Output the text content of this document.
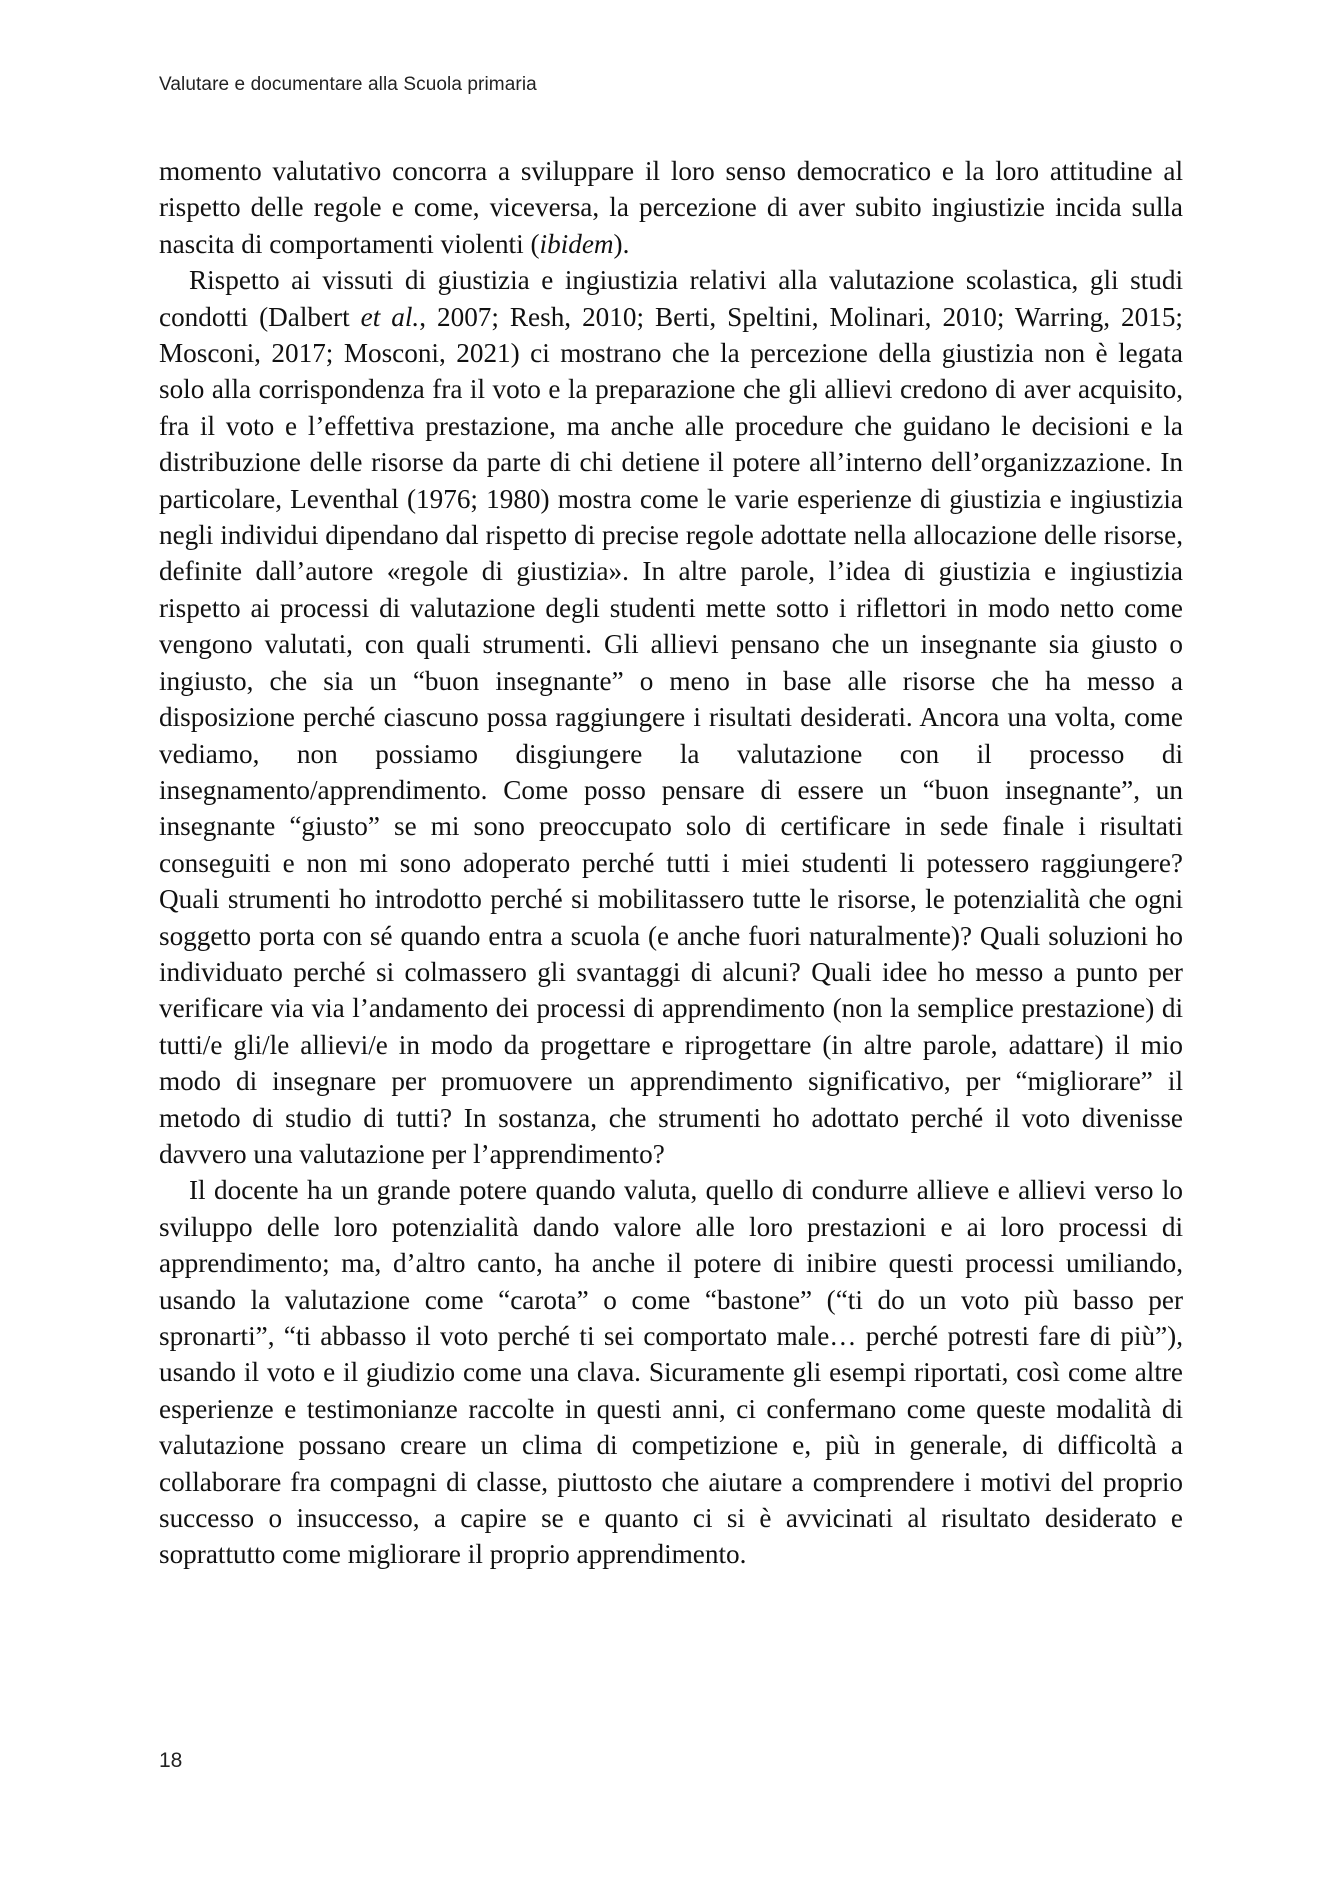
Valutare e documentare alla Scuola primaria

momento valutativo concorra a sviluppare il loro senso democratico e la loro attitudine al rispetto delle regole e come, viceversa, la percezione di aver subito ingiustizie incida sulla nascita di comportamenti violenti (ibidem).

Rispetto ai vissuti di giustizia e ingiustizia relativi alla valutazione scolastica, gli studi condotti (Dalbert et al., 2007; Resh, 2010; Berti, Speltini, Molinari, 2010; Warring, 2015; Mosconi, 2017; Mosconi, 2021) ci mostrano che la percezione della giustizia non è legata solo alla corrispondenza fra il voto e la preparazione che gli allievi credono di aver acquisito, fra il voto e l’effettiva prestazione, ma anche alle procedure che guidano le decisioni e la distribuzione delle risorse da parte di chi detiene il potere all’interno dell’organizzazione. In particolare, Leventhal (1976; 1980) mostra come le varie esperienze di giustizia e ingiustizia negli individui dipendano dal rispetto di precise regole adottate nella allocazione delle risorse, definite dall’autore «regole di giustizia». In altre parole, l’idea di giustizia e ingiustizia rispetto ai processi di valutazione degli studenti mette sotto i riflettori in modo netto come vengono valutati, con quali strumenti. Gli allievi pensano che un insegnante sia giusto o ingiusto, che sia un “buon insegnante” o meno in base alle risorse che ha messo a disposizione perché ciascuno possa raggiungere i risultati desiderati. Ancora una volta, come vediamo, non possiamo disgiungere la valutazione con il processo di insegnamento/apprendimento. Come posso pensare di essere un “buon insegnante”, un insegnante “giusto” se mi sono preoccupato solo di certificare in sede finale i risultati conseguiti e non mi sono adoperato perché tutti i miei studenti li potessero raggiungere? Quali strumenti ho introdotto perché si mobilitassero tutte le risorse, le potenzialità che ogni soggetto porta con sé quando entra a scuola (e anche fuori naturalmente)? Quali soluzioni ho individuato perché si colmassero gli svantaggi di alcuni? Quali idee ho messo a punto per verificare via via l’andamento dei processi di apprendimento (non la semplice prestazione) di tutti/e gli/le allievi/e in modo da progettare e riprogettare (in altre parole, adattare) il mio modo di insegnare per promuovere un apprendimento significativo, per “migliorare” il metodo di studio di tutti? In sostanza, che strumenti ho adottato perché il voto divenisse davvero una valutazione per l’apprendimento?

Il docente ha un grande potere quando valuta, quello di condurre allieve e allievi verso lo sviluppo delle loro potenzialità dando valore alle loro prestazioni e ai loro processi di apprendimento; ma, d’altro canto, ha anche il potere di inibire questi processi umiliando, usando la valutazione come “carota” o come “bastone” (“ti do un voto più basso per spronarti”, “ti abbasso il voto perché ti sei comportato male… perché potresti fare di più”), usando il voto e il giudizio come una clava. Sicuramente gli esempi riportati, così come altre esperienze e testimonianze raccolte in questi anni, ci confermano come queste modalità di valutazione possano creare un clima di competizione e, più in generale, di difficoltà a collaborare fra compagni di classe, piuttosto che aiutare a comprendere i motivi del proprio successo o insuccesso, a capire se e quanto ci si è avvicinati al risultato desiderato e soprattutto come migliorare il proprio apprendimento.

18
